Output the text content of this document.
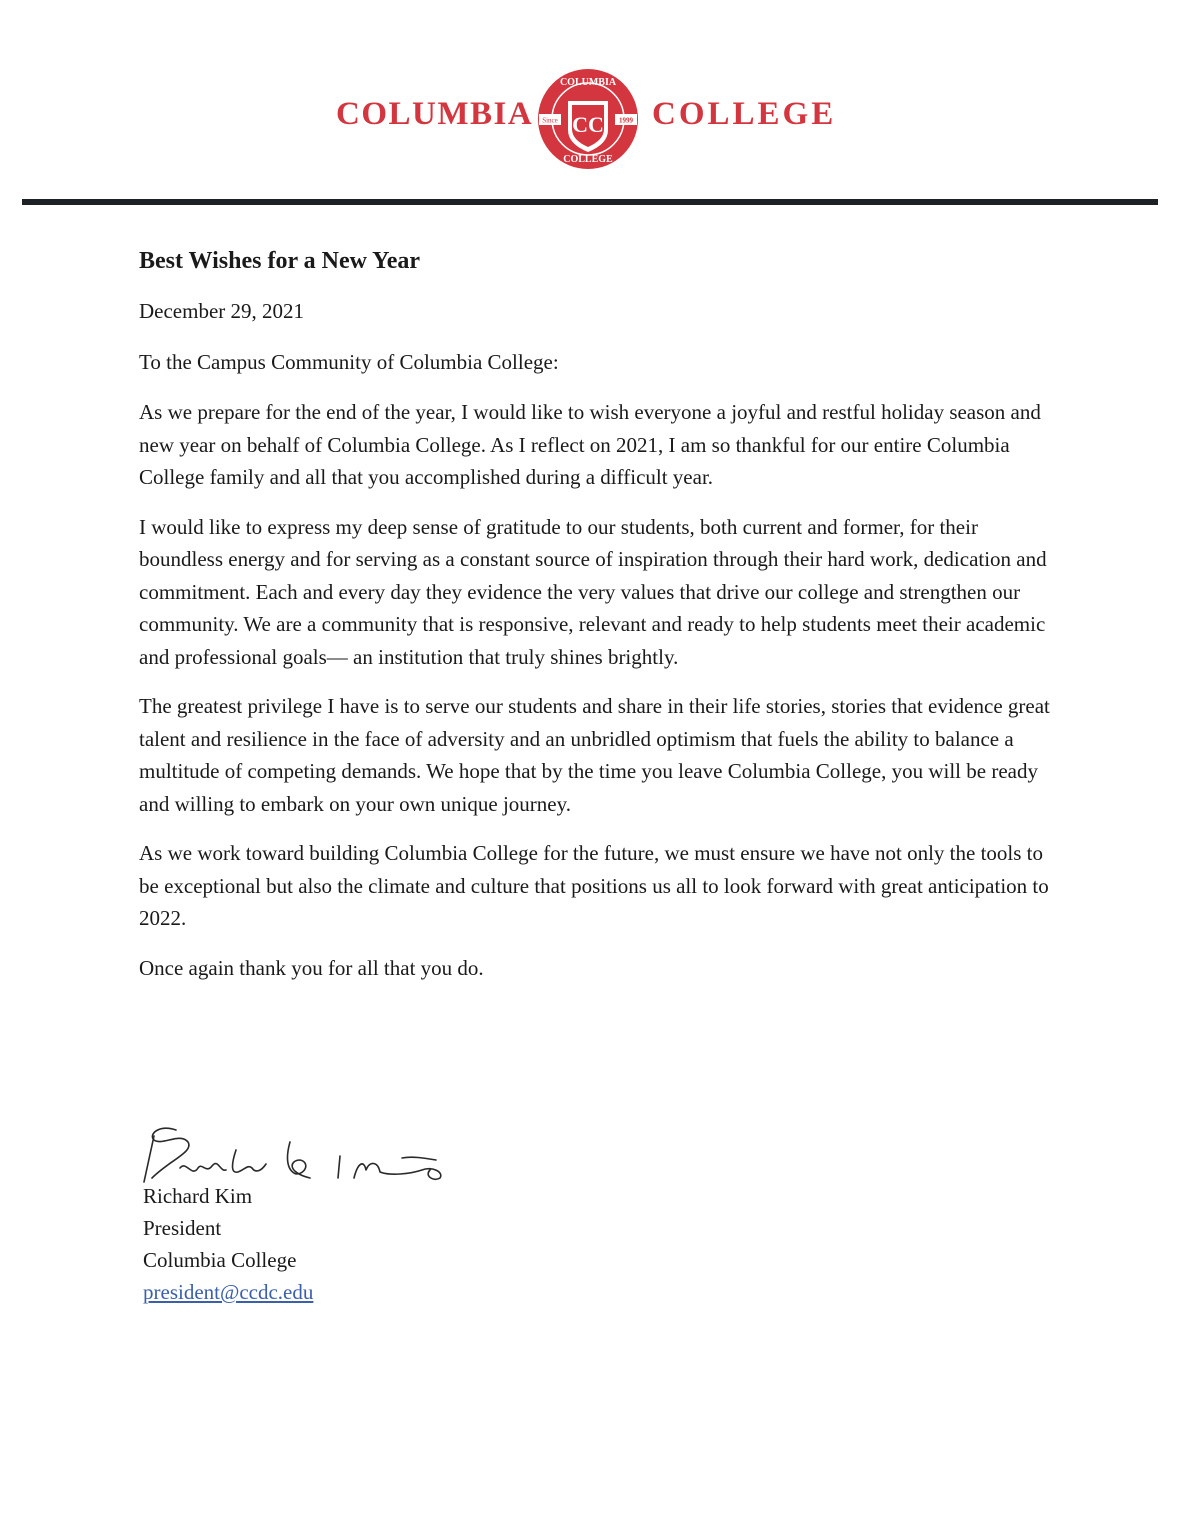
COLUMBIA
COLUMBIA
COLLEGE
Since	1999
CC COLLEGE
Best Wishes for a New Year
December 29, 2021
To the Campus Community of Columbia College:

As we prepare for the end of the year, I would like to wish everyone a joyful and restful holiday season and new year on behalf of Columbia College. As I reflect on 2021, I am so thankful for our entire Columbia College family and all that you accomplished during a difficult year.

I would like to express my deep sense of gratitude to our students, both current and former, for their boundless energy and for serving as a constant source of inspiration through their hard work, dedication and commitment. Each and every day they evidence the very values that drive our college and strengthen our community. We are a community that is responsive, relevant and ready to help students meet their academic and professional goals— an institution that truly shines brightly.

The greatest privilege I have is to serve our students and share in their life stories, stories that evidence great talent and resilience in the face of adversity and an unbridled optimism that fuels the ability to balance a multitude of competing demands. We hope that by the time you leave Columbia College, you will be ready and willing to embark on your own unique journey.

As we work toward building Columbia College for the future, we must ensure we have not only the tools to be exceptional but also the climate and culture that positions us all to look forward with great anticipation to 2022.

Once again thank you for all that you do.

Richard Kim
President
Columbia College
president@ccdc.edu
